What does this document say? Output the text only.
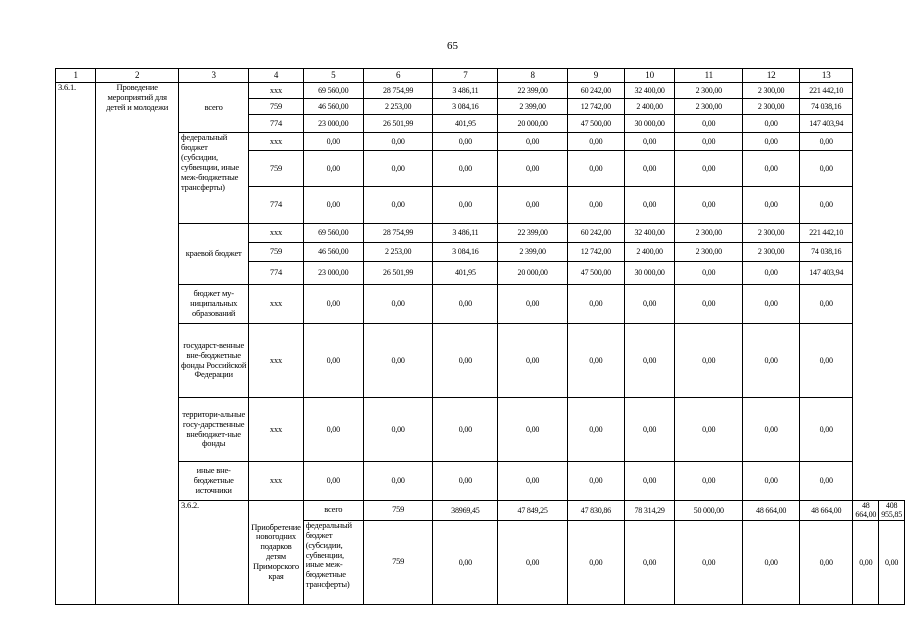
65
1	2	3	4	5	6	7	8	9	10	11	12	13		
3.6.1.	Проведение мероприятий для детей и молодежи	всего	xxx	69 560,00	28 754,99	3 486,11	22 399,00	60 242,00	32 400,00	2 300,00	2 300,00	221 442,10		
			759	46 560,00	2 253,00	3 084,16	2 399,00	12 742,00	2 400,00	2 300,00	2 300,00	74 038,16		
			774	23 000,00	26 501,99	401,95	20 000,00	47 500,00	30 000,00	0,00	0,00	147 403,94		
		федеральный бюджет (субсидии, субвенции, иные меж-бюджетные трансферты)	xxx	0,00	0,00	0,00	0,00	0,00	0,00	0,00	0,00	0,00		
			759	0,00	0,00	0,00	0,00	0,00	0,00	0,00	0,00	0,00		
			774	0,00	0,00	0,00	0,00	0,00	0,00	0,00	0,00	0,00		
		краевой бюджет	xxx	69 560,00	28 754,99	3 486,11	22 399,00	60 242,00	32 400,00	2 300,00	2 300,00	221 442,10		
			759	46 560,00	2 253,00	3 084,16	2 399,00	12 742,00	2 400,00	2 300,00	2 300,00	74 038,16		
			774	23 000,00	26 501,99	401,95	20 000,00	47 500,00	30 000,00	0,00	0,00	147 403,94		
		бюджет му-ниципальных образований	xxx	0,00	0,00	0,00	0,00	0,00	0,00	0,00	0,00	0,00		
		государст-венные вне-бюджетные фонды Российской Федерации	xxx	0,00	0,00	0,00	0,00	0,00	0,00	0,00	0,00	0,00		
		территори-альные госу-дарственные внебюджет-ные фонды	xxx	0,00	0,00	0,00	0,00	0,00	0,00	0,00	0,00	0,00		
		иные вне-бюджетные источники	xxx	0,00	0,00	0,00	0,00	0,00	0,00	0,00	0,00	0,00		
		3.6.2.	Приобретение новогодних подарков детям Приморского края	всего	759	38969,45	47 849,25	47 830,86	78 314,29	50 000,00	48 664,00	48 664,00	48 664,00	408 955,85
				федеральный бюджет (субсидии, субвенции, иные меж-бюджетные трансферты)	759	0,00	0,00	0,00	0,00	0,00	0,00	0,00	0,00	0,00
